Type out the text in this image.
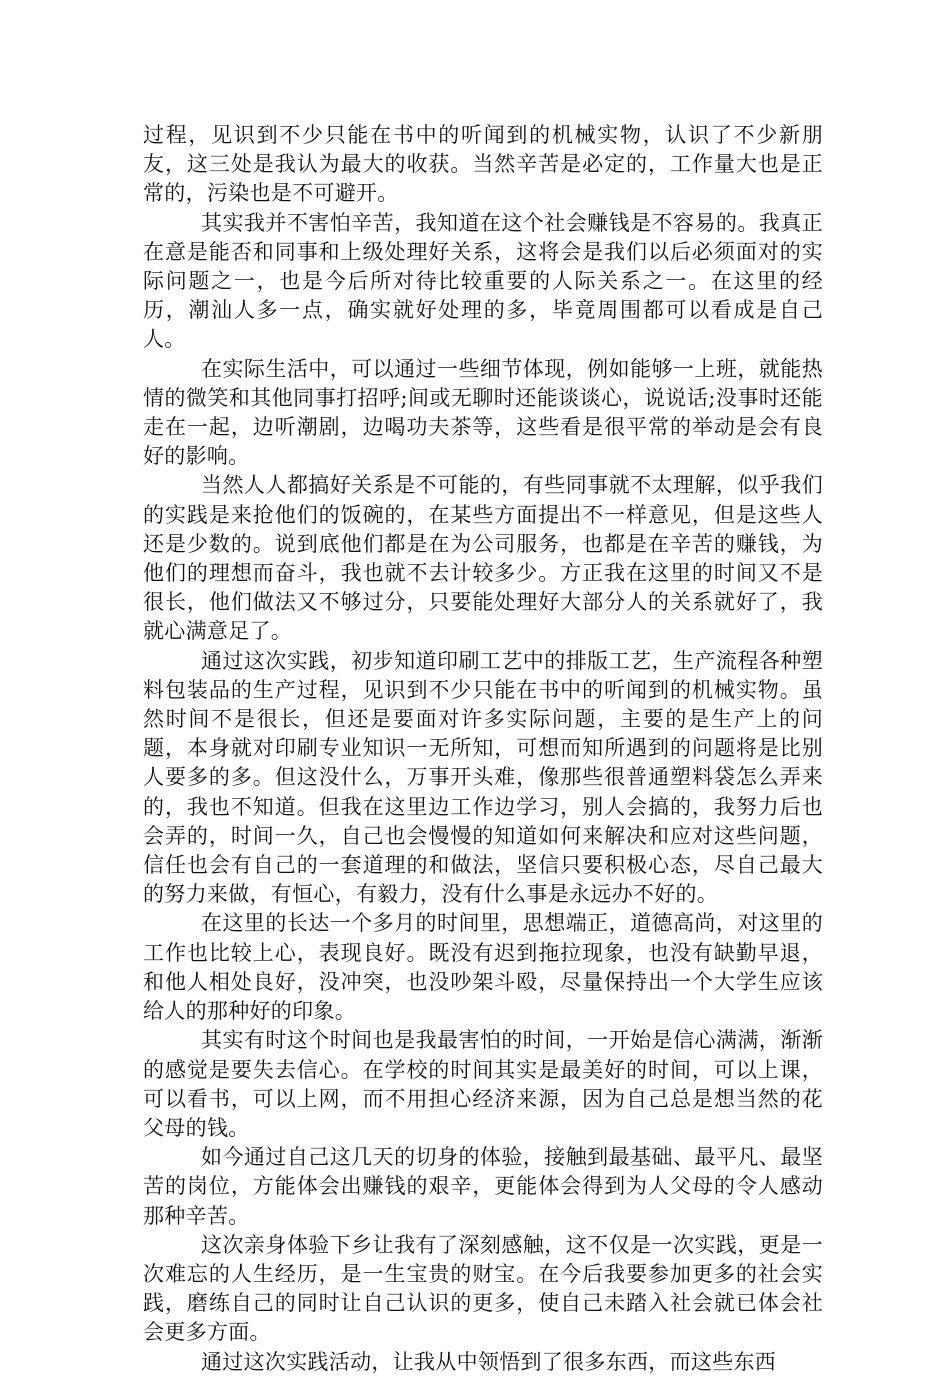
过程，见识到不少只能在书中的听闻到的机械实物，认识了不少新朋友，这三处是我认为最大的收获。当然辛苦是必定的，工作量大也是正常的，污染也是不可避开。

其实我并不害怕辛苦，我知道在这个社会赚钱是不容易的。我真正在意是能否和同事和上级处理好关系，这将会是我们以后必须面对的实际问题之一，也是今后所对待比较重要的人际关系之一。在这里的经历，潮汕人多一点，确实就好处理的多，毕竟周围都可以看成是自己人。

在实际生活中，可以通过一些细节体现，例如能够一上班，就能热情的微笑和其他同事打招呼;间或无聊时还能谈谈心，说说话;没事时还能走在一起，边听潮剧，边喝功夫茶等，这些看是很平常的举动是会有良好的影响。

当然人人都搞好关系是不可能的，有些同事就不太理解，似乎我们的实践是来抢他们的饭碗的，在某些方面提出不一样意见，但是这些人还是少数的。说到底他们都是在为公司服务，也都是在辛苦的赚钱，为他们的理想而奋斗，我也就不去计较多少。方正我在这里的时间又不是很长，他们做法又不够过分，只要能处理好大部分人的关系就好了，我就心满意足了。

通过这次实践，初步知道印刷工艺中的排版工艺，生产流程各种塑料包装品的生产过程，见识到不少只能在书中的听闻到的机械实物。虽然时间不是很长，但还是要面对许多实际问题，主要的是生产上的问题，本身就对印刷专业知识一无所知，可想而知所遇到的问题将是比别人要多的多。但这没什么，万事开头难，像那些很普通塑料袋怎么弄来的，我也不知道。但我在这里边工作边学习，别人会搞的，我努力后也会弄的，时间一久，自己也会慢慢的知道如何来解决和应对这些问题，信任也会有自己的一套道理的和做法，坚信只要积极心态，尽自己最大的努力来做，有恒心，有毅力，没有什么事是永远办不好的。

在这里的长达一个多月的时间里，思想端正，道德高尚，对这里的工作也比较上心，表现良好。既没有迟到拖拉现象，也没有缺勤早退，和他人相处良好，没冲突，也没吵架斗殴，尽量保持出一个大学生应该给人的那种好的印象。

其实有时这个时间也是我最害怕的时间，一开始是信心满满，渐渐的感觉是要失去信心。在学校的时间其实是最美好的时间，可以上课，可以看书，可以上网，而不用担心经济来源，因为自己总是想当然的花父母的钱。

如今通过自己这几天的切身的体验，接触到最基础、最平凡、最坚苦的岗位，方能体会出赚钱的艰辛，更能体会得到为人父母的令人感动那种辛苦。

这次亲身体验下乡让我有了深刻感触，这不仅是一次实践，更是一次难忘的人生经历，是一生宝贵的财宝。在今后我要参加更多的社会实践，磨练自己的同时让自己认识的更多，使自己未踏入社会就已体会社会更多方面。

通过这次实践活动，让我从中领悟到了很多东西，而这些东西
